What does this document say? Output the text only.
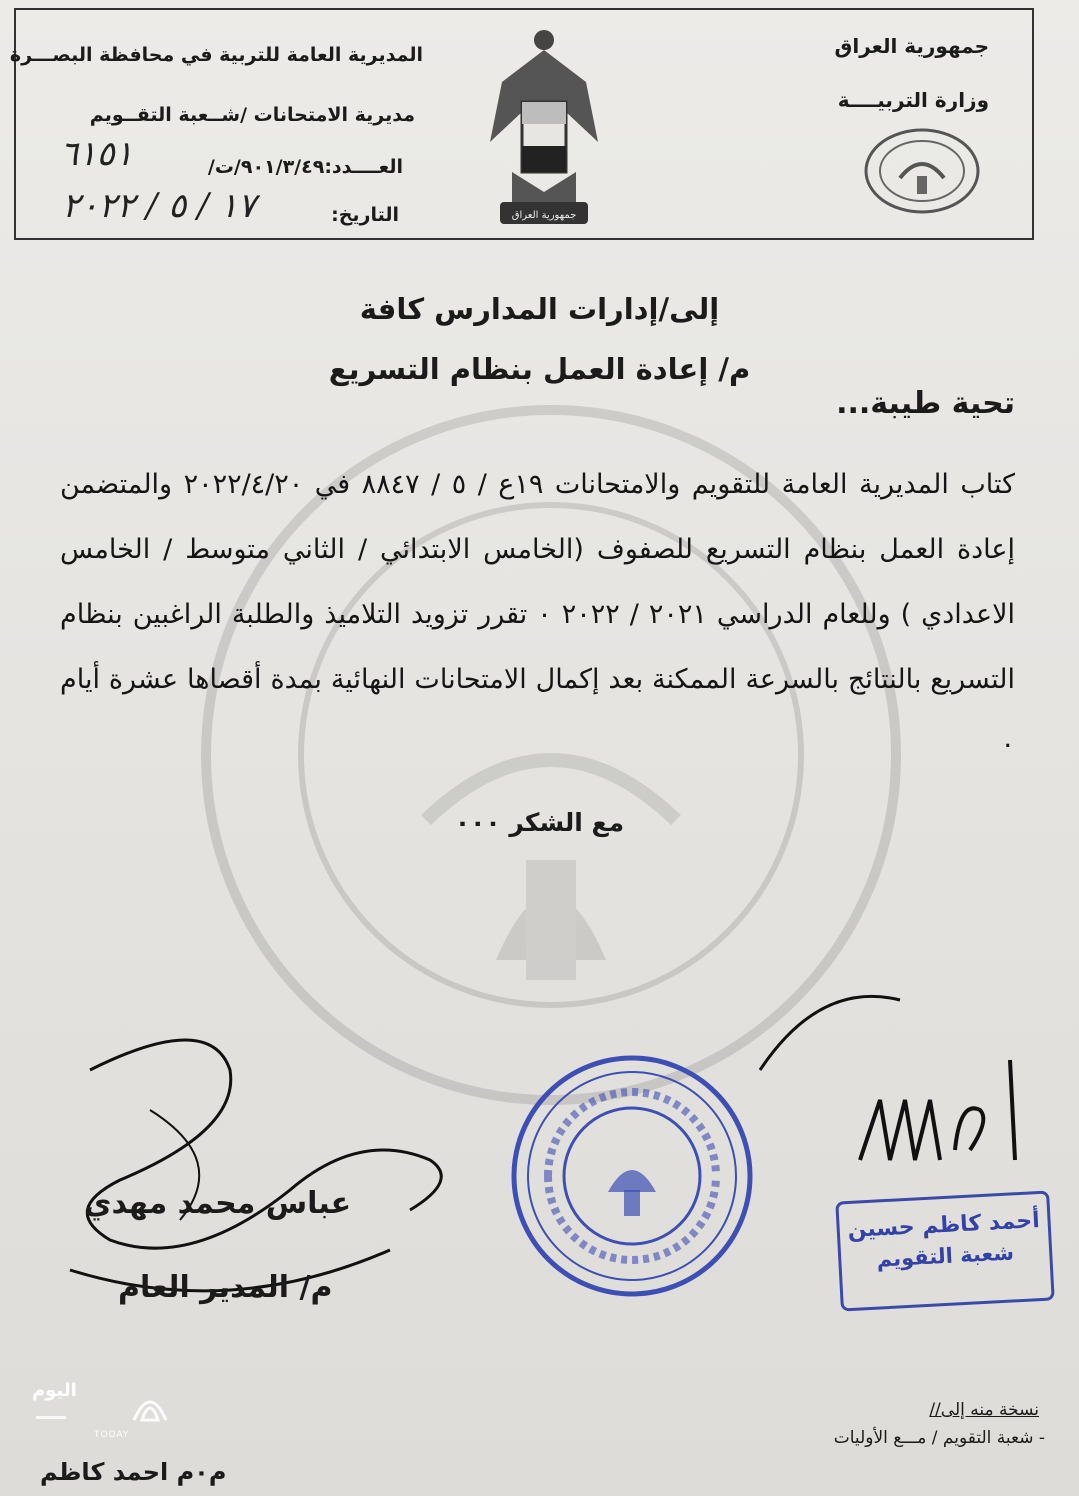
جمهورية العراق
وزارة التربيــــة
المديرية العامة للتربية في محافظة البصـــرة
مديرية الامتحانات /شــعبة التقــويم
العــــدد:٩٠١/٣/٤٩/ت/
٦١٥١
التاريخ:
١٧ / ٥ / ٢٠٢٢	جمهورية العراق
إلى/إدارات المدارس كافة
م/ إعادة العمل بنظام التسريع
تحية طيبة...
كتاب المديرية العامة للتقويم والامتحانات ١٩ع / ٥ / ٨٨٤٧ في ٢٠٢٢/٤/٢٠ والمتضمن إعادة العمل بنظام التسريع للصفوف (الخامس الابتدائي / الثاني متوسط / الخامس الاعدادي ) وللعام الدراسي ٢٠٢١ / ٢٠٢٢ ٠ تقرر تزويد التلاميذ والطلبة الراغبين بنظام التسريع بالنتائج بالسرعة الممكنة بعد إكمال الامتحانات النهائية بمدة أقصاها عشرة أيام ٠
مع الشكر ٠٠٠
عباس محمد مهدي
م/ المدير العام
أحمد كاظم حسين
شعبة التقويم
نسخة منه إلى//
- شعبة التقويم / مـــع الأوليات
م٠م احمد كاظم
اليوم
TODAY
